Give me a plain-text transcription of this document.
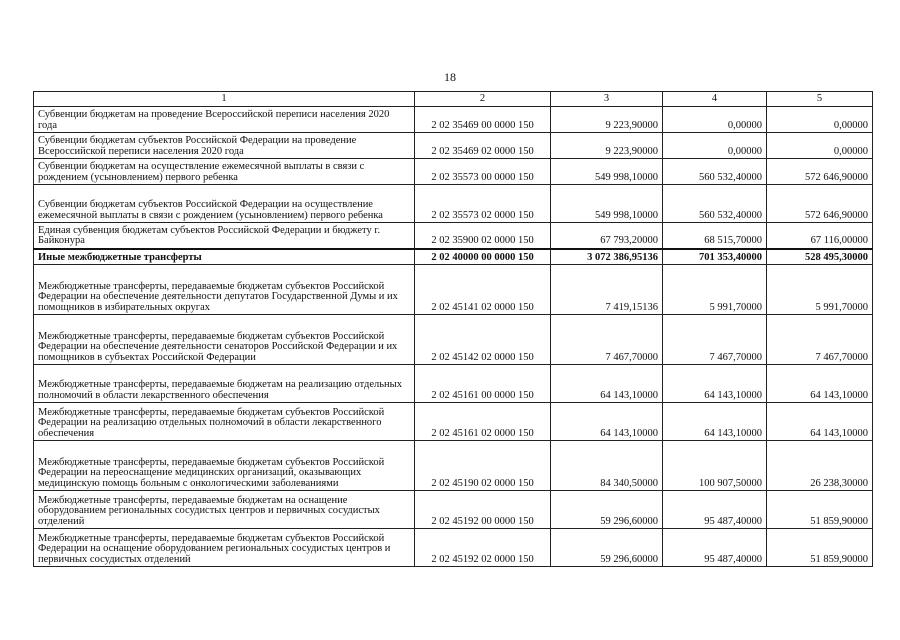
18
1	2	3	4	5
Субвенции бюджетам на проведение Всероссийской переписи населения 2020 года	2 02 35469 00 0000 150	9 223,90000	0,00000	0,00000
Субвенции бюджетам субъектов Российской Федерации на проведение Всероссийской переписи населения 2020 года	2 02 35469 02 0000 150	9 223,90000	0,00000	0,00000
Субвенции бюджетам на осуществление ежемесячной выплаты в связи с рождением (усыновлением) первого ребенка	2 02 35573 00 0000 150	549 998,10000	560 532,40000	572 646,90000
Субвенции бюджетам субъектов Российской Федерации на осуществление ежемесячной выплаты в связи с рождением (усыновлением) первого ребенка	2 02 35573 02 0000 150	549 998,10000	560 532,40000	572 646,90000
Единая субвенция бюджетам субъектов Российской Федерации и бюджету г. Байконура	2 02 35900 02 0000 150	67 793,20000	68 515,70000	67 116,00000
Иные межбюджетные трансферты	2 02 40000 00 0000 150	3 072 386,95136	701 353,40000	528 495,30000
Межбюджетные трансферты, передаваемые бюджетам субъектов Российской Федерации на обеспечение деятельности депутатов Государственной Думы и их помощников в избирательных округах	2 02 45141 02 0000 150	7 419,15136	5 991,70000	5 991,70000
Межбюджетные трансферты, передаваемые бюджетам субъектов Российской Федерации на обеспечение деятельности сенаторов Российской Федерации и их помощников в субъектах Российской Федерации	2 02 45142 02 0000 150	7 467,70000	7 467,70000	7 467,70000
Межбюджетные трансферты, передаваемые бюджетам на реализацию отдельных полномочий в области лекарственного обеспечения	2 02 45161 00 0000 150	64 143,10000	64 143,10000	64 143,10000
Межбюджетные трансферты, передаваемые бюджетам субъектов Российской Федерации на реализацию отдельных полномочий в области лекарственного обеспечения	2 02 45161 02 0000 150	64 143,10000	64 143,10000	64 143,10000
Межбюджетные трансферты, передаваемые бюджетам субъектов Российской Федерации на переоснащение медицинских организаций, оказывающих медицинскую помощь больным с онкологическими заболеваниями	2 02 45190 02 0000 150	84 340,50000	100 907,50000	26 238,30000
Межбюджетные трансферты, передаваемые бюджетам на оснащение оборудованием региональных сосудистых центров и первичных сосудистых отделений	2 02 45192 00 0000 150	59 296,60000	95 487,40000	51 859,90000
Межбюджетные трансферты, передаваемые бюджетам субъектов Российской Федерации на оснащение оборудованием региональных сосудистых центров и первичных сосудистых отделений	2 02 45192 02 0000 150	59 296,60000	95 487,40000	51 859,90000
